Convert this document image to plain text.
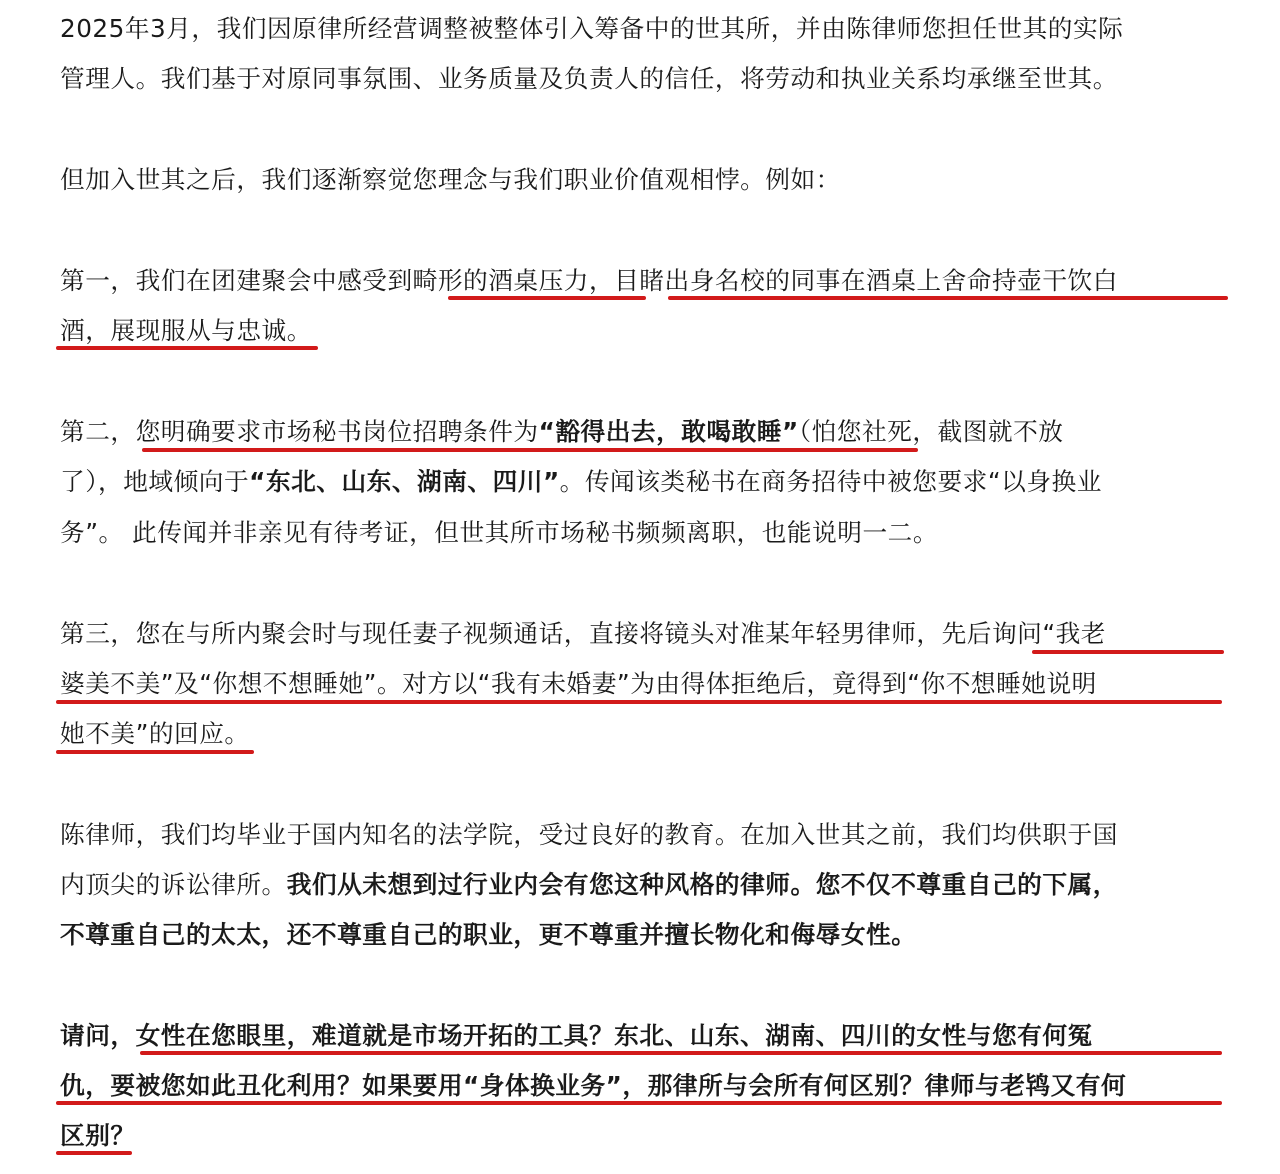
2025年3月，我们因原律所经营调整被整体引入筹备中的世其所，并由陈律师您担任世其的实际
管理人。我们基于对原同事氛围、业务质量及负责人的信任，将劳动和执业关系均承继至世其。
但加入世其之后，我们逐渐察觉您理念与我们职业价值观相悖。例如：
第一，我们在团建聚会中感受到畸形的酒桌压力，目睹出身名校的同事在酒桌上舍命持壶干饮白
酒，展现服从与忠诚。
第二，您明确要求市场秘书岗位招聘条件为“豁得出去，敢喝敢睡”（怕您社死，截图就不放
了），地域倾向于“东北、山东、湖南、四川”。传闻该类秘书在商务招待中被您要求“以身换业
务”。 此传闻并非亲见有待考证，但世其所市场秘书频频离职，也能说明一二。
第三，您在与所内聚会时与现任妻子视频通话，直接将镜头对准某年轻男律师，先后询问“我老
婆美不美”及“你想不想睡她”。对方以“我有未婚妻”为由得体拒绝后，竟得到“你不想睡她说明
她不美”的回应。
陈律师，我们均毕业于国内知名的法学院，受过良好的教育。在加入世其之前，我们均供职于国
内顶尖的诉讼律所。我们从未想到过行业内会有您这种风格的律师。您不仅不尊重自己的下属，
不尊重自己的太太，还不尊重自己的职业，更不尊重并擅长物化和侮辱女性。
请问，女性在您眼里，难道就是市场开拓的工具？东北、山东、湖南、四川的女性与您有何冤
仇，要被您如此丑化利用？如果要用“身体换业务”，那律所与会所有何区别？律师与老鸨又有何
区别？
